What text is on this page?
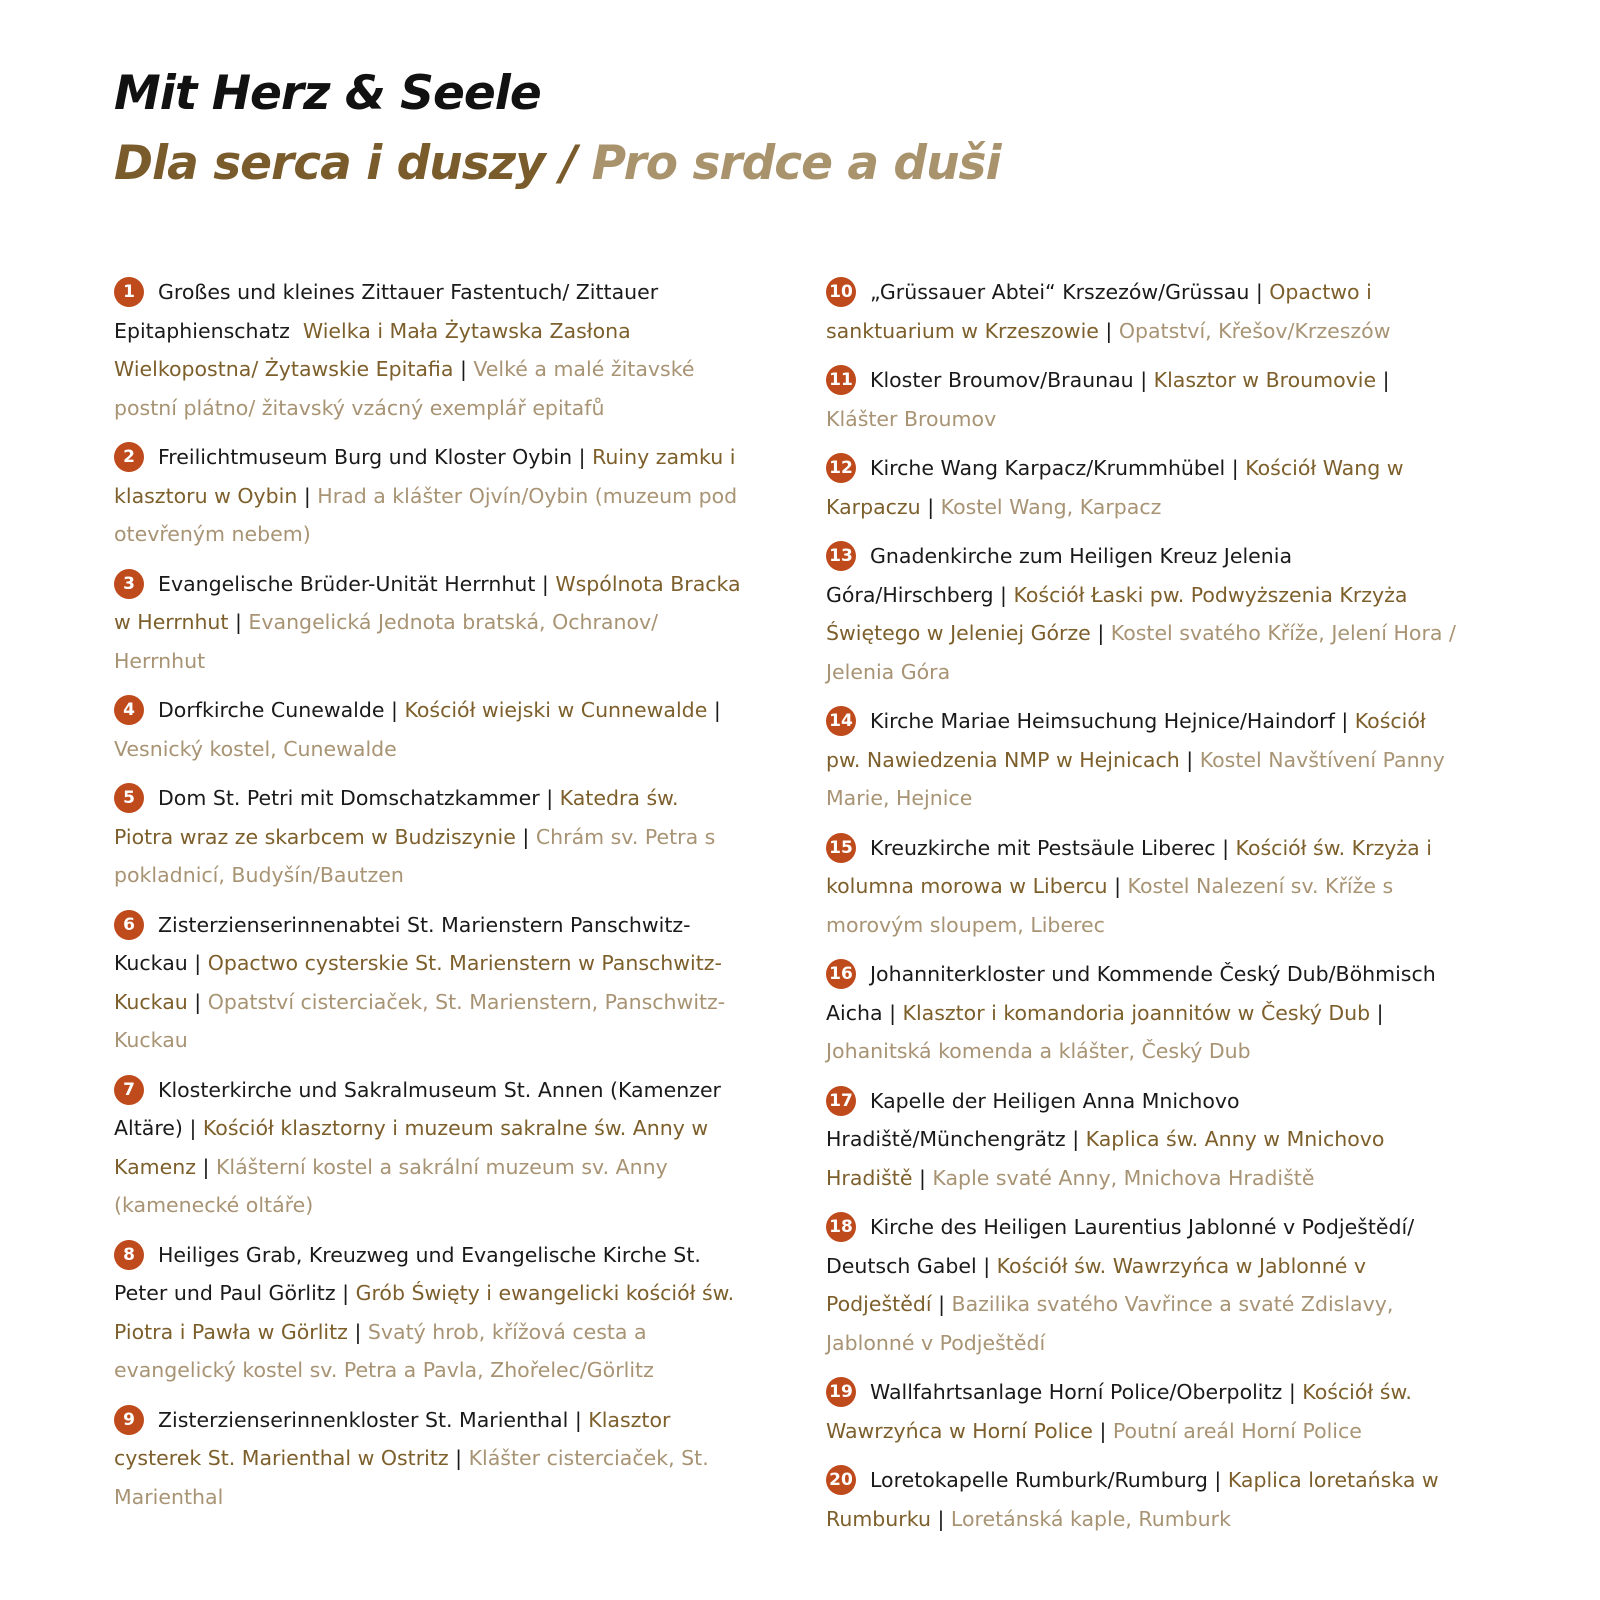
Mit Herz & Seele
Dla serca i duszy / Pro srdce a duši

1 Großes und kleines Zittauer Fastentuch/ Zittauer Epitaphienschatz Wielka i Mała Żytawska Zasłona Wielkopostna/ Żytawskie Epitafia | Velké a malé žitavské postní plátno/ žitavský vzácný exemplář epitafů

2 Freilichtmuseum Burg und Kloster Oybin | Ruiny zamku i klasztoru w Oybin | Hrad a klášter Ojvín/Oybin (muzeum pod otevřeným nebem)

3 Evangelische Brüder-Unität Herrnhut | Wspólnota Bracka w Herrnhut | Evangelická Jednota bratská, Ochranov/ Herrnhut

4 Dorfkirche Cunewalde | Kościół wiejski w Cunnewalde | Vesnický kostel, Cunewalde

5 Dom St. Petri mit Domschatzkammer | Katedra św. Piotra wraz ze skarbcem w Budziszynie | Chrám sv. Petra s pokladnicí, Budyšín/Bautzen

6 Zisterzienserinnenabtei St. Marienstern Panschwitz-Kuckau | Opactwo cysterskie St. Marienstern w Panschwitz-Kuckau | Opatství cisterciaček, St. Marienstern, Panschwitz-Kuckau

7 Klosterkirche und Sakralmuseum St. Annen (Kamenzer Altäre) | Kościół klasztorny i muzeum sakralne św. Anny w Kamenz | Klášterní kostel a sakrální muzeum sv. Anny (kamenecké oltáře)

8 Heiliges Grab, Kreuzweg und Evangelische Kirche St. Peter und Paul Görlitz | Grób Święty i ewangelicki kościół św. Piotra i Pawła w Görlitz | Svatý hrob, křížová cesta a evangelický kostel sv. Petra a Pavla, Zhořelec/Görlitz

9 Zisterzienserinnenkloster St. Marienthal | Klasztor cysterek St. Marienthal w Ostritz | Klášter cisterciaček, St. Marienthal

10 „Grüssauer Abtei“ Krszezów/Grüssau | Opactwo i sanktuarium w Krzeszowie | Opatství, Křešov/Krzeszów

11 Kloster Broumov/Braunau | Klasztor w Broumovie | Klášter Broumov

12 Kirche Wang Karpacz/Krummhübel | Kościół Wang w Karpaczu | Kostel Wang, Karpacz

13 Gnadenkirche zum Heiligen Kreuz Jelenia Góra/Hirschberg | Kościół Łaski pw. Podwyższenia Krzyża Świętego w Jeleniej Górze | Kostel svatého Kříže, Jelení Hora / Jelenia Góra

14 Kirche Mariae Heimsuchung Hejnice/Haindorf | Kościół pw. Nawiedzenia NMP w Hejnicach | Kostel Navštívení Panny Marie, Hejnice

15 Kreuzkirche mit Pestsäule Liberec | Kościół św. Krzyża i kolumna morowa w Libercu | Kostel Nalezení sv. Kříže s morovým sloupem, Liberec

16 Johanniterkloster und Kommende Český Dub/Böhmisch Aicha | Klasztor i komandoria joannitów w Český Dub | Johanitská komenda a klášter, Český Dub

17 Kapelle der Heiligen Anna Mnichovo Hradiště/Münchengrätz | Kaplica św. Anny w Mnichovo Hradiště | Kaple svaté Anny, Mnichova Hradiště

18 Kirche des Heiligen Laurentius Jablonné v Podještědí/ Deutsch Gabel | Kościół św. Wawrzyńca w Jablonné v Podještědí | Bazilika svatého Vavřince a svaté Zdislavy, Jablonné v Podještědí

19 Wallfahrtsanlage Horní Police/Oberpolitz | Kościół św. Wawrzyńca w Horní Police | Poutní areál Horní Police

20 Loretokapelle Rumburk/Rumburg | Kaplica loretańska w Rumburku | Loretánská kaple, Rumburk
